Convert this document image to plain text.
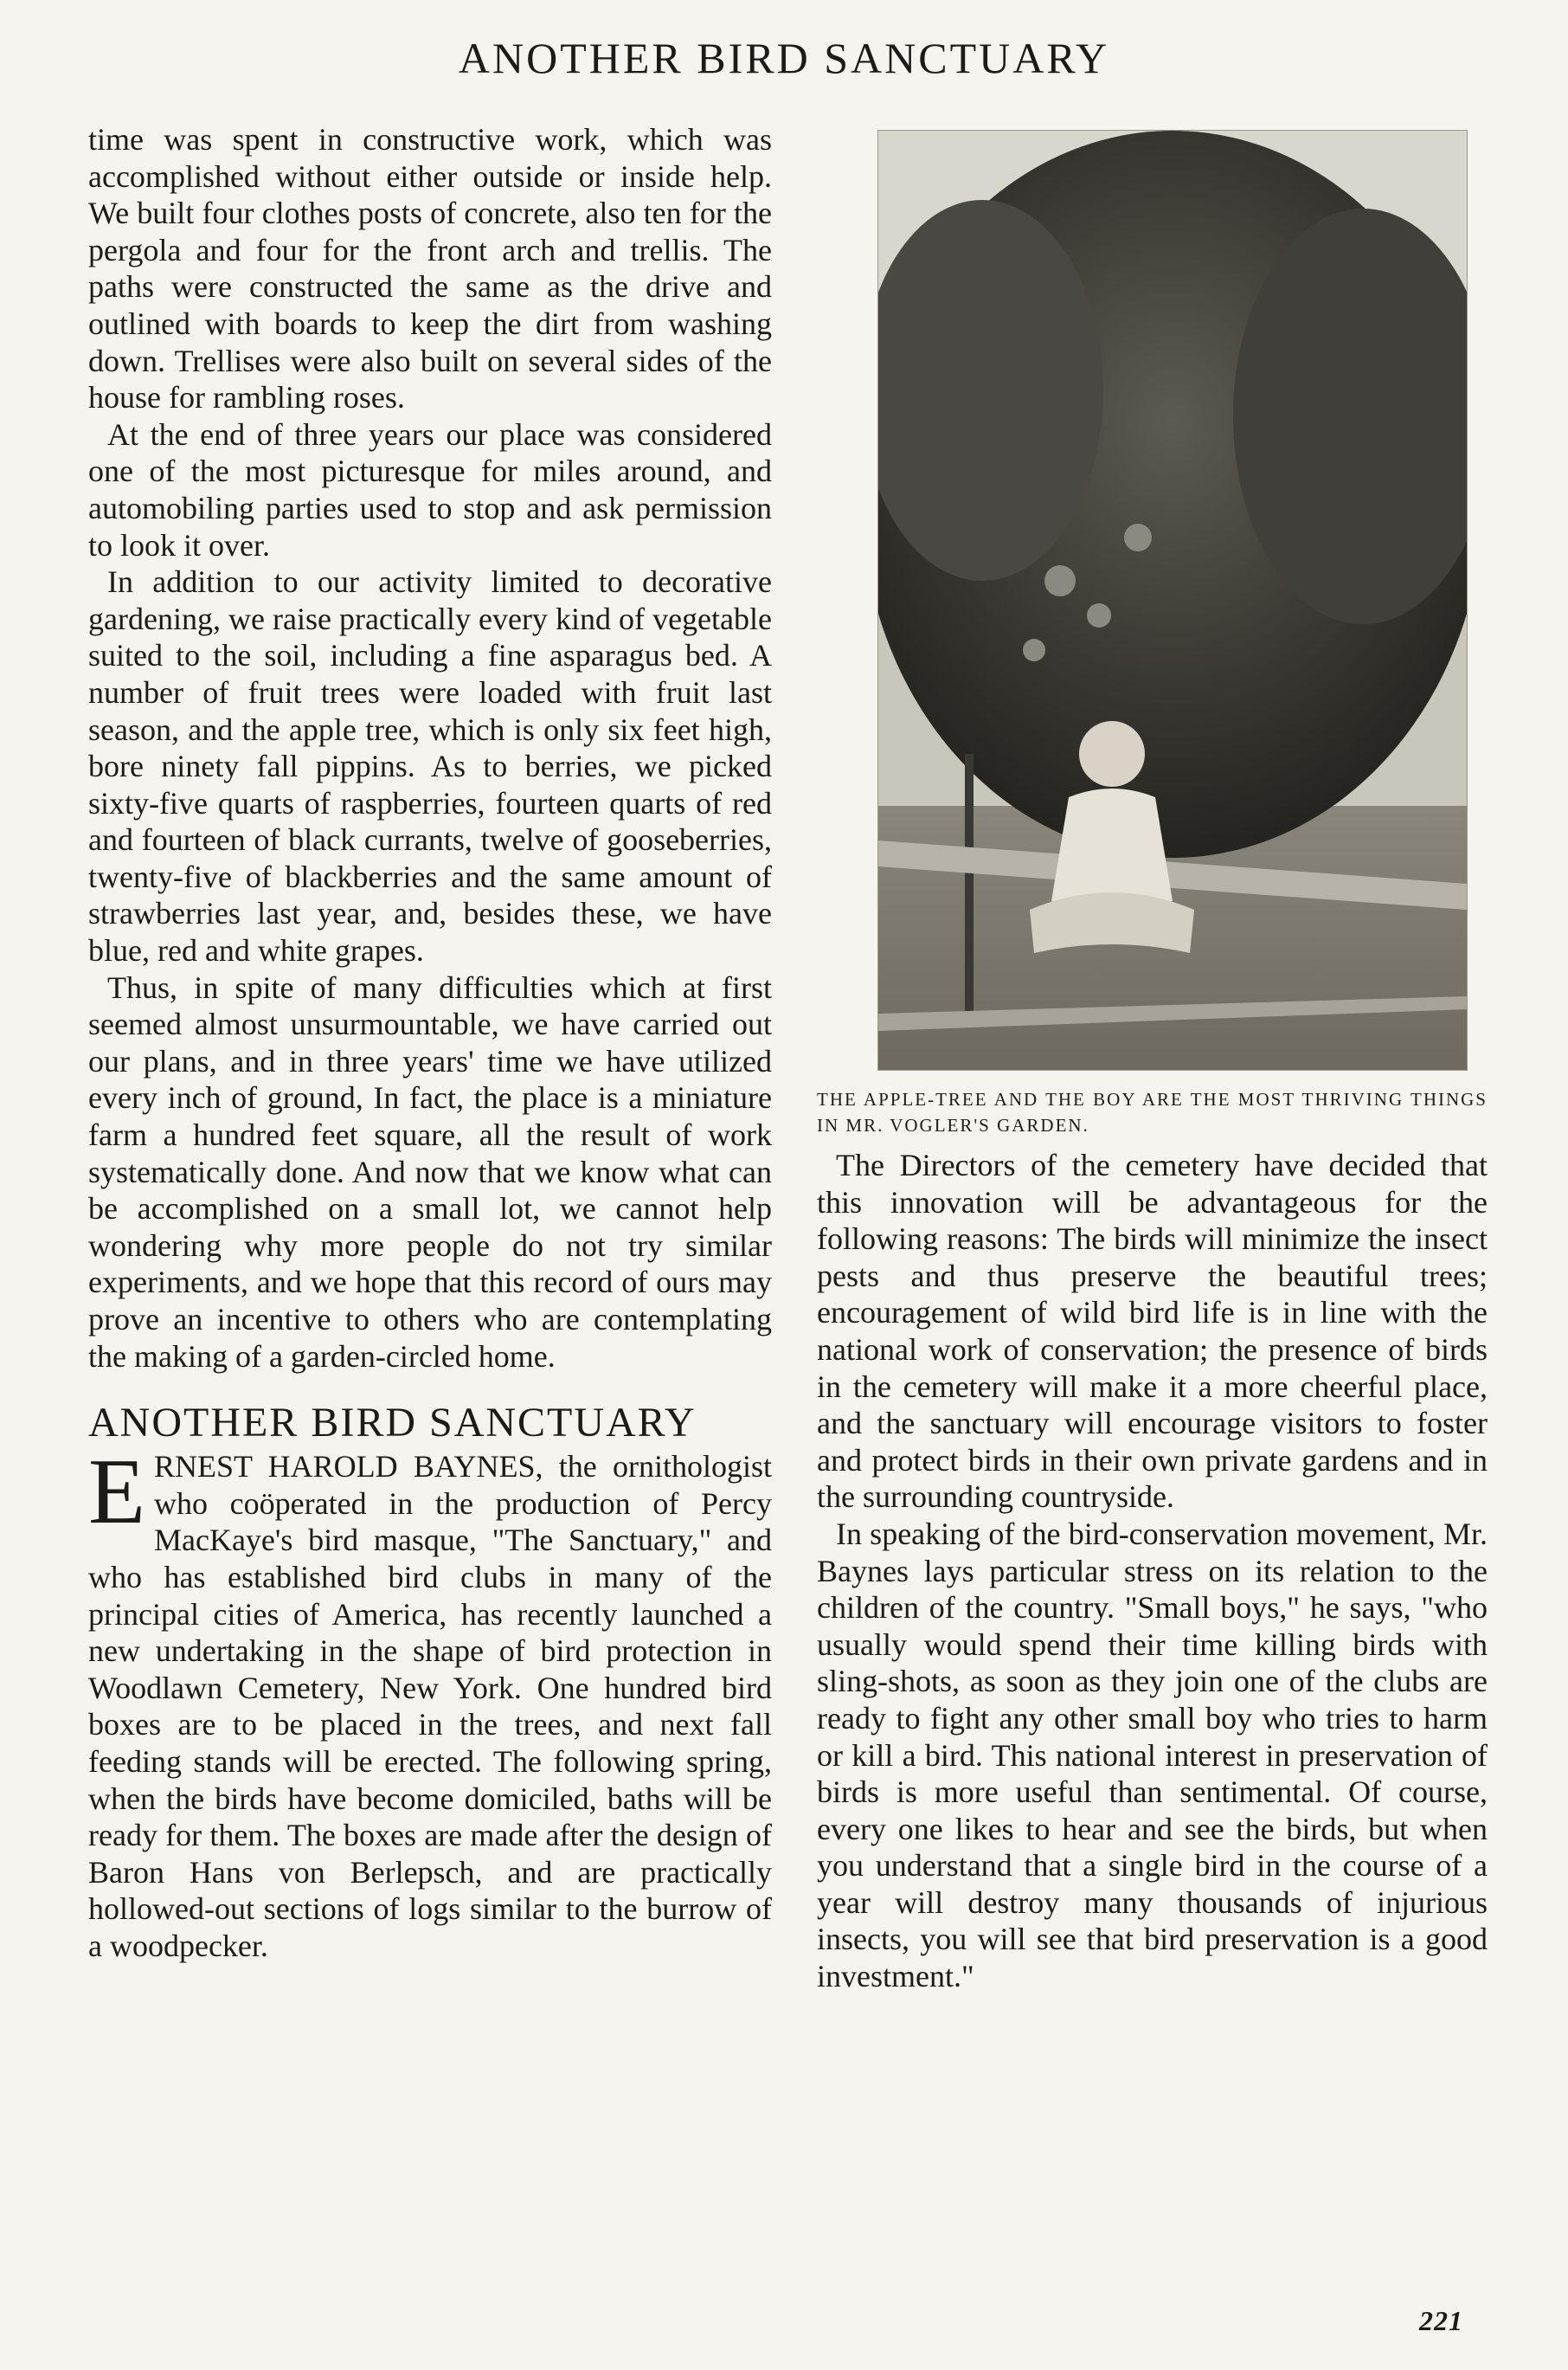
ANOTHER BIRD SANCTUARY

time was spent in constructive work, which was accomplished without either outside or inside help. We built four clothes posts of concrete, also ten for the pergola and four for the front arch and trellis. The paths were constructed the same as the drive and outlined with boards to keep the dirt from washing down. Trellises were also built on several sides of the house for rambling roses.

At the end of three years our place was considered one of the most picturesque for miles around, and automobiling parties used to stop and ask permission to look it over.

In addition to our activity limited to decorative gardening, we raise practically every kind of vegetable suited to the soil, including a fine asparagus bed. A number of fruit trees were loaded with fruit last season, and the apple tree, which is only six feet high, bore ninety fall pippins. As to berries, we picked sixty-five quarts of raspberries, fourteen quarts of red and fourteen of black currants, twelve of gooseberries, twenty-five of blackberries and the same amount of strawberries last year, and, besides these, we have blue, red and white grapes.

Thus, in spite of many difficulties which at first seemed almost unsurmountable, we have carried out our plans, and in three years' time we have utilized every inch of ground, In fact, the place is a miniature farm a hundred feet square, all the result of work systematically done. And now that we know what can be accomplished on a small lot, we cannot help wondering why more people do not try similar experiments, and we hope that this record of ours may prove an incentive to others who are contemplating the making of a garden-circled home.

ANOTHER BIRD SANCTUARY

ERNEST HAROLD BAYNES, the ornithologist who coöperated in the production of Percy MacKaye's bird masque, "The Sanctuary," and who has established bird clubs in many of the principal cities of America, has recently launched a new undertaking in the shape of bird protection in Woodlawn Cemetery, New York. One hundred bird boxes are to be placed in the trees, and next fall feeding stands will be erected. The following spring, when the birds have become domiciled, baths will be ready for them. The boxes are made after the design of Baron Hans von Berlepsch, and are practically hollowed-out sections of logs similar to the burrow of a woodpecker.

THE APPLE-TREE AND THE BOY ARE THE MOST THRIVING THINGS IN MR. VOGLER'S GARDEN.

The Directors of the cemetery have decided that this innovation will be advantageous for the following reasons: The birds will minimize the insect pests and thus preserve the beautiful trees; encouragement of wild bird life is in line with the national work of conservation; the presence of birds in the cemetery will make it a more cheerful place, and the sanctuary will encourage visitors to foster and protect birds in their own private gardens and in the surrounding countryside.

In speaking of the bird-conservation movement, Mr. Baynes lays particular stress on its relation to the children of the country. "Small boys," he says, "who usually would spend their time killing birds with sling-shots, as soon as they join one of the clubs are ready to fight any other small boy who tries to harm or kill a bird. This national interest in preservation of birds is more useful than sentimental. Of course, every one likes to hear and see the birds, but when you understand that a single bird in the course of a year will destroy many thousands of injurious insects, you will see that bird preservation is a good investment."

221
